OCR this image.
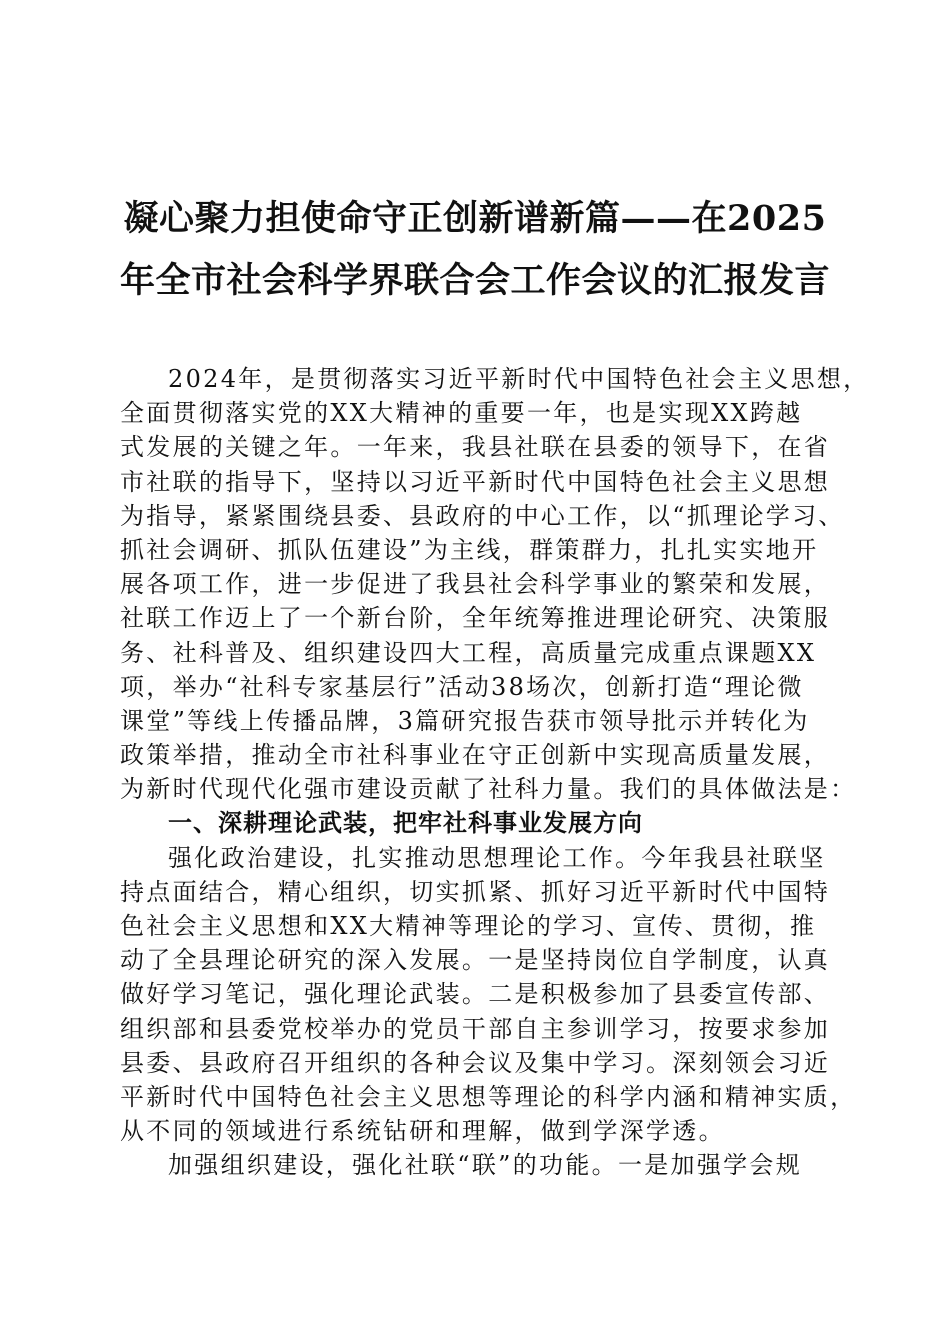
凝心聚力担使命守正创新谱新篇——在2025
年全市社会科学界联合会工作会议的汇报发言
2024年，是贯彻落实习近平新时代中国特色社会主义思想，
全面贯彻落实党的XX大精神的重要一年，也是实现XX跨越
式发展的关键之年。一年来，我县社联在县委的领导下，在省
市社联的指导下，坚持以习近平新时代中国特色社会主义思想
为指导，紧紧围绕县委、县政府的中心工作，以“抓理论学习、
抓社会调研、抓队伍建设”为主线，群策群力，扎扎实实地开
展各项工作，进一步促进了我县社会科学事业的繁荣和发展，
社联工作迈上了一个新台阶，全年统筹推进理论研究、决策服
务、社科普及、组织建设四大工程，高质量完成重点课题XX
项，举办“社科专家基层行”活动38场次，创新打造“理论微
课堂”等线上传播品牌，3篇研究报告获市领导批示并转化为
政策举措，推动全市社科事业在守正创新中实现高质量发展，
为新时代现代化强市建设贡献了社科力量。我们的具体做法是：
一、深耕理论武装，把牢社科事业发展方向
强化政治建设，扎实推动思想理论工作。今年我县社联坚
持点面结合，精心组织，切实抓紧、抓好习近平新时代中国特
色社会主义思想和XX大精神等理论的学习、宣传、贯彻，推
动了全县理论研究的深入发展。一是坚持岗位自学制度，认真
做好学习笔记，强化理论武装。二是积极参加了县委宣传部、
组织部和县委党校举办的党员干部自主参训学习，按要求参加
县委、县政府召开组织的各种会议及集中学习。深刻领会习近
平新时代中国特色社会主义思想等理论的科学内涵和精神实质，
从不同的领域进行系统钻研和理解，做到学深学透。
加强组织建设，强化社联“联”的功能。一是加强学会规
